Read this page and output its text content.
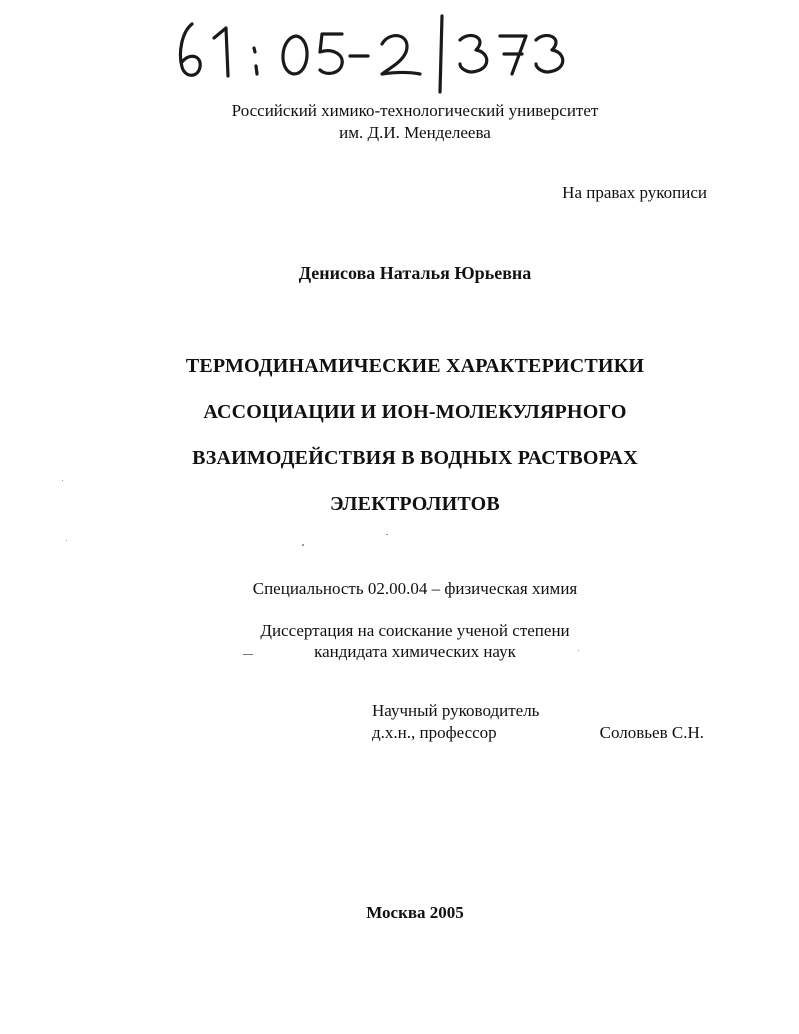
Российский химико-технологический университет
им. Д.И. Менделеева
На правах рукописи
Денисова Наталья Юрьевна
ТЕРМОДИНАМИЧЕСКИЕ ХАРАКТЕРИСТИКИ
АССОЦИАЦИИ И ИОН-МОЛЕКУЛЯРНОГО
ВЗАИМОДЕЙСТВИЯ В ВОДНЫХ РАСТВОРАХ
ЭЛЕКТРОЛИТОВ
Специальность 02.00.04 – физическая химия
Диссертация на соискание ученой степени
кандидата химических наук
Научный руководитель
д.х.н., профессор	Соловьев С.Н.
Москва 2005
